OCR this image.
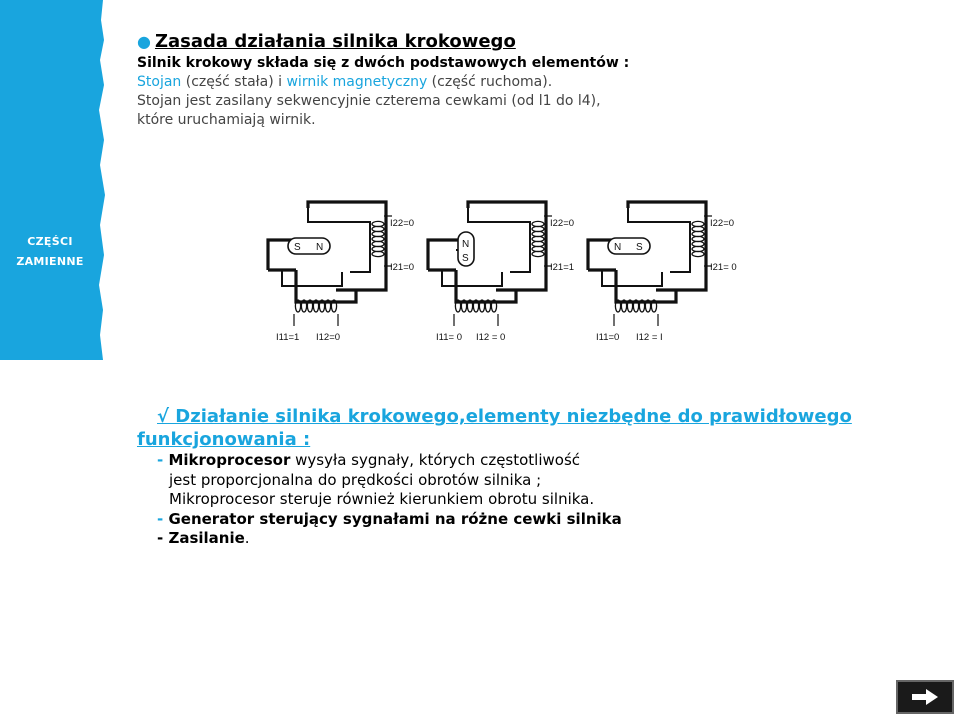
CZĘŚCI
ZAMIENNE
● Zasada działania silnika krokowego
Silnik krokowy składa się z dwóch podstawowych elementów :
Stojan (część stała) i wirnik magnetyczny (część ruchoma).
Stojan jest zasilany sekwencyjnie czterema cewkami (od l1 do l4),
które uruchamiają wirnik.
S N
I22=0
I21=0
I11=1 I12=0
N
S
I22=0
I21=1
I11= 0 I12 = 0
N S
I22=0
I21= 0
I11=0 I12 = I
√ Działanie silnika krokowego,elementy niezbędne do prawidłowego
funkcjonowania :
- Mikroprocesor wysyła sygnały, których częstotliwość
jest proporcjonalna do prędkości obrotów silnika ;
Mikroprocesor steruje również kierunkiem obrotu silnika.
- Generator sterujący sygnałami na różne cewki silnika
- Zasilanie.
